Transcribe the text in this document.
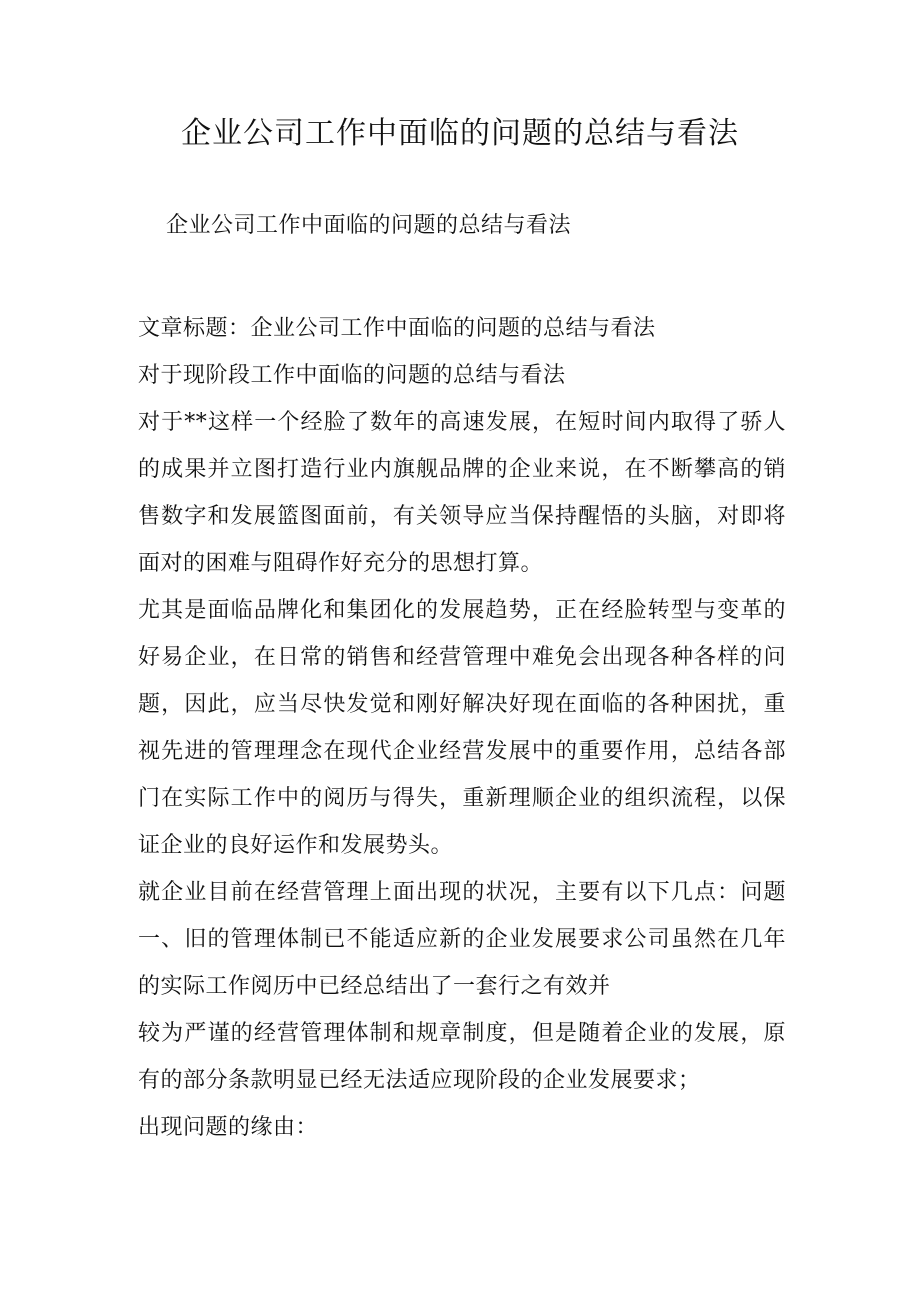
企业公司工作中面临的问题的总结与看法
企业公司工作中面临的问题的总结与看法

文章标题：企业公司工作中面临的问题的总结与看法

对于现阶段工作中面临的问题的总结与看法

对于**这样一个经脸了数年的高速发展，在短时间内取得了骄人的成果并立图打造行业内旗舰品牌的企业来说，在不断攀高的销售数字和发展篮图面前，有关领导应当保持醒悟的头脑，对即将面对的困难与阻碍作好充分的思想打算。

尤其是面临品牌化和集团化的发展趋势，正在经脸转型与变革的好易企业，在日常的销售和经营管理中难免会出现各种各样的问题，因此，应当尽快发觉和刚好解决好现在面临的各种困扰，重视先进的管理理念在现代企业经营发展中的重要作用，总结各部门在实际工作中的阅历与得失，重新理顺企业的组织流程，以保证企业的良好运作和发展势头。

就企业目前在经营管理上面出现的状况，主要有以下几点：问题一、旧的管理体制已不能适应新的企业发展要求公司虽然在几年的实际工作阅历中已经总结出了一套行之有效并

较为严谨的经营管理体制和规章制度，但是随着企业的发展，原有的部分条款明显已经无法适应现阶段的企业发展要求；

出现问题的缘由：
